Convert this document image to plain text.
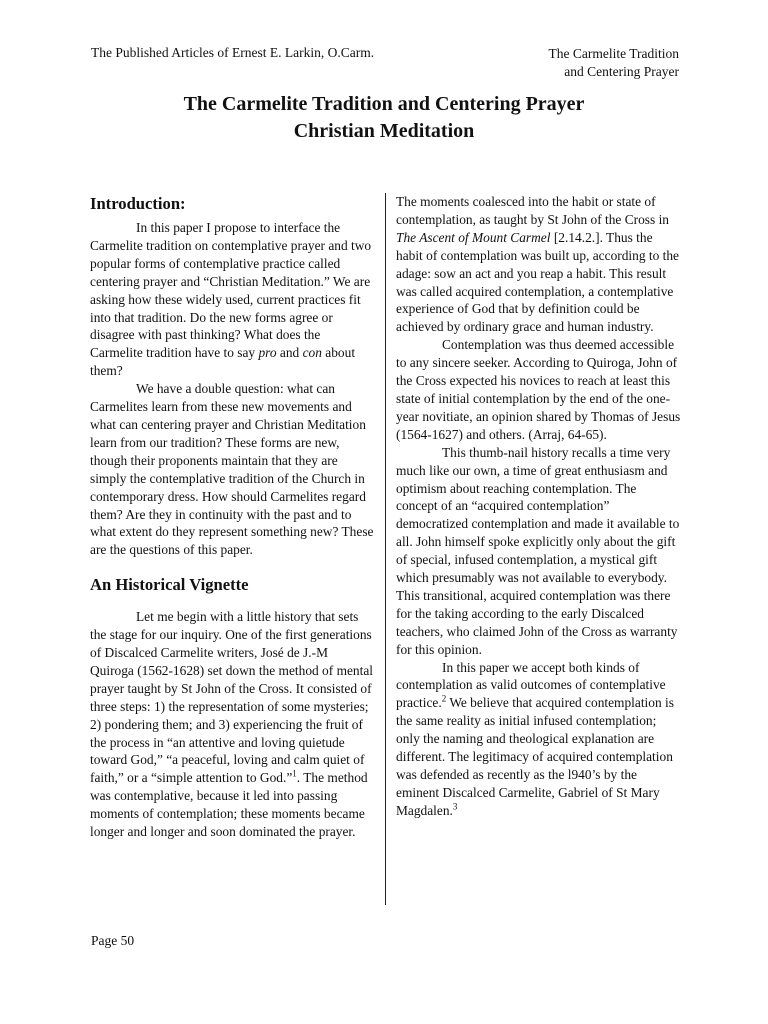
The Published Articles of Ernest E. Larkin, O.Carm.	The Carmelite Tradition
and Centering Prayer
The Carmelite Tradition and Centering Prayer
Christian Meditation
Introduction:

In this paper I propose to interface the Carmelite tradition on contemplative prayer and two popular forms of contemplative practice called centering prayer and “Christian Meditation.” We are asking how these widely used, current practices fit into that tradition. Do the new forms agree or disagree with past thinking? What does the Carmelite tradition have to say pro and con about them?

We have a double question: what can Carmelites learn from these new movements and what can centering prayer and Christian Meditation learn from our tradition? These forms are new, though their proponents maintain that they are simply the contemplative tradition of the Church in contemporary dress. How should Carmelites regard them? Are they in continuity with the past and to what extent do they represent something new? These are the questions of this paper.

An Historical Vignette

Let me begin with a little history that sets the stage for our inquiry. One of the first generations of Discalced Carmelite writers, José de J.-M Quiroga (1562-1628) set down the method of mental prayer taught by St John of the Cross. It consisted of three steps: 1) the representation of some mysteries; 2) pondering them; and 3) experiencing the fruit of the process in “an attentive and loving quietude toward God,” “a peaceful, loving and calm quiet of faith,” or a “simple attention to God.”$^1$. The method was contemplative, because it led into passing moments of contemplation; these moments became longer and longer and soon dominated the prayer.

The moments coalesced into the habit or state of contemplation, as taught by St John of the Cross in The Ascent of Mount Carmel [2.14.2.]. Thus the habit of contemplation was built up, according to the adage: sow an act and you reap a habit. This result was called acquired contemplation, a contemplative experience of God that by definition could be achieved by ordinary grace and human industry.

Contemplation was thus deemed accessible to any sincere seeker. According to Quiroga, John of the Cross expected his novices to reach at least this state of initial contemplation by the end of the one-year novitiate, an opinion shared by Thomas of Jesus (1564-1627) and others. (Arraj, 64-65).

This thumb-nail history recalls a time very much like our own, a time of great enthusiasm and optimism about reaching contemplation. The concept of an “acquired contemplation” democratized contemplation and made it available to all. John himself spoke explicitly only about the gift of special, infused contemplation, a mystical gift which presumably was not available to everybody. This transitional, acquired contemplation was there for the taking according to the early Discalced teachers, who claimed John of the Cross as warranty for this opinion.

In this paper we accept both kinds of contemplation as valid outcomes of contemplative practice.$^2$ We believe that acquired contemplation is the same reality as initial infused contemplation; only the naming and theological explanation are different. The legitimacy of acquired contemplation was defended as recently as the l940’s by the eminent Discalced Carmelite, Gabriel of St Mary Magdalen.$^3$

Page 50
